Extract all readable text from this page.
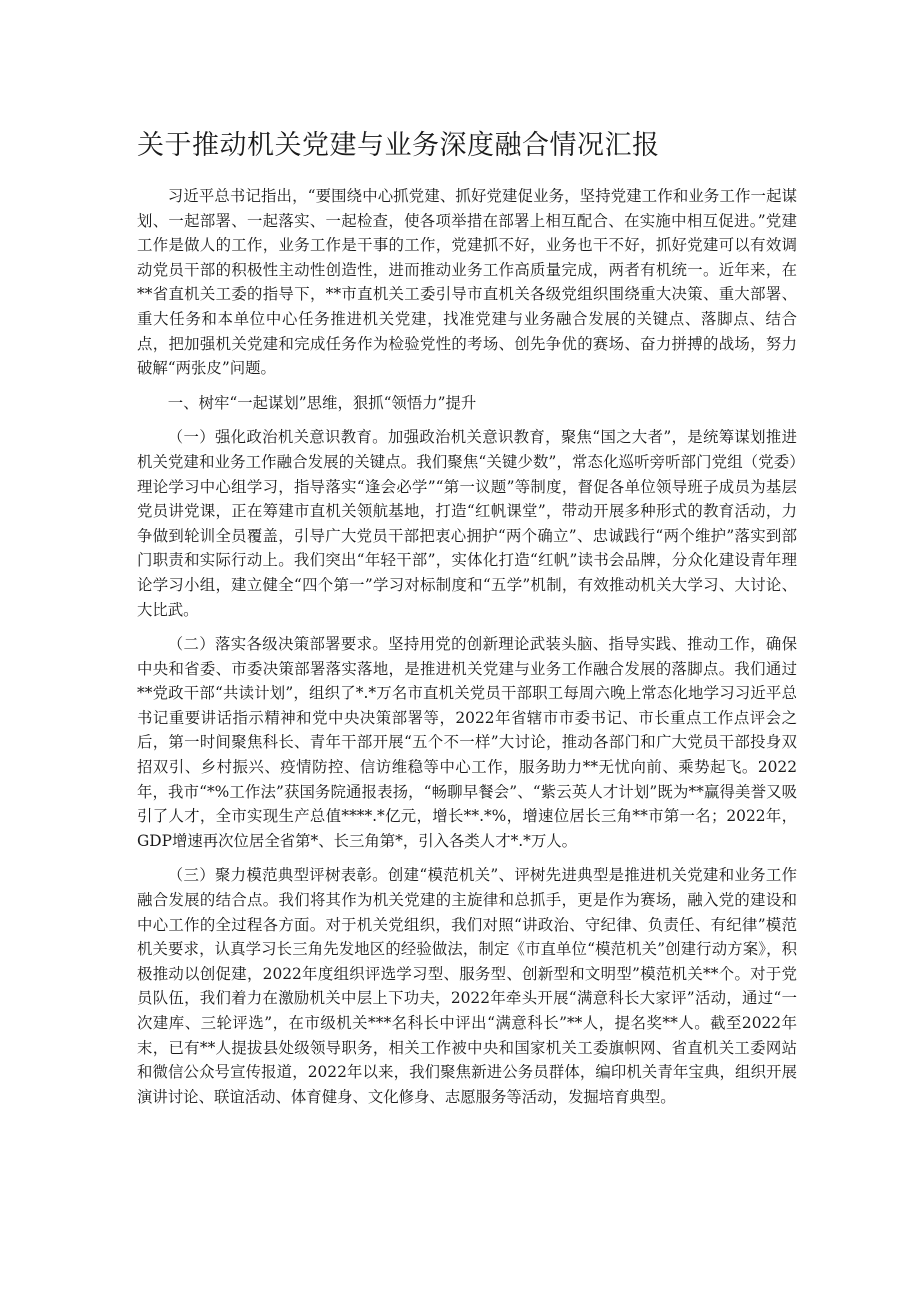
关于推动机关党建与业务深度融合情况汇报

习近平总书记指出，“要围绕中心抓党建、抓好党建促业务，坚持党建工作和业务工作一起谋划、一起部署、一起落实、一起检查，使各项举措在部署上相互配合、在实施中相互促进。”党建工作是做人的工作，业务工作是干事的工作，党建抓不好，业务也干不好，抓好党建可以有效调动党员干部的积极性主动性创造性，进而推动业务工作高质量完成，两者有机统一。近年来，在**省直机关工委的指导下，**市直机关工委引导市直机关各级党组织围绕重大决策、重大部署、重大任务和本单位中心任务推进机关党建，找准党建与业务融合发展的关键点、落脚点、结合点，把加强机关党建和完成任务作为检验党性的考场、创先争优的赛场、奋力拼搏的战场，努力破解“两张皮”问题。

一、树牢“一起谋划”思维，狠抓“领悟力”提升

（一）强化政治机关意识教育。加强政治机关意识教育，聚焦“国之大者”，是统筹谋划推进机关党建和业务工作融合发展的关键点。我们聚焦“关键少数”，常态化巡听旁听部门党组（党委）理论学习中心组学习，指导落实“逢会必学”“第一议题”等制度，督促各单位领导班子成员为基层党员讲党课，正在筹建市直机关领航基地，打造“红帆课堂”，带动开展多种形式的教育活动，力争做到轮训全员覆盖，引导广大党员干部把衷心拥护“两个确立”、忠诚践行“两个维护”落实到部门职责和实际行动上。我们突出“年轻干部”，实体化打造“红帆”读书会品牌，分众化建设青年理论学习小组，建立健全“四个第一”学习对标制度和“五学”机制，有效推动机关大学习、大讨论、大比武。

（二）落实各级决策部署要求。坚持用党的创新理论武装头脑、指导实践、推动工作，确保中央和省委、市委决策部署落实落地，是推进机关党建与业务工作融合发展的落脚点。我们通过**党政干部“共读计划”，组织了*.*万名市直机关党员干部职工每周六晚上常态化地学习习近平总书记重要讲话指示精神和党中央决策部署等，2022年省辖市市委书记、市长重点工作点评会之后，第一时间聚焦科长、青年干部开展“五个不一样”大讨论，推动各部门和广大党员干部投身双招双引、乡村振兴、疫情防控、信访维稳等中心工作，服务助力**无忧向前、乘势起飞。2022年，我市“*%工作法”获国务院通报表扬，“畅聊早餐会”、“紫云英人才计划”既为**赢得美誉又吸引了人才，全市实现生产总值****.*亿元，增长**.*%，增速位居长三角**市第一名；2022年，GDP增速再次位居全省第*、长三角第*，引入各类人才*.*万人。

（三）聚力模范典型评树表彰。创建“模范机关”、评树先进典型是推进机关党建和业务工作融合发展的结合点。我们将其作为机关党建的主旋律和总抓手，更是作为赛场，融入党的建设和中心工作的全过程各方面。对于机关党组织，我们对照“讲政治、守纪律、负责任、有纪律”模范机关要求，认真学习长三角先发地区的经验做法，制定《市直单位“模范机关”创建行动方案》，积极推动以创促建，2022年度组织评选学习型、服务型、创新型和文明型”模范机关**个。对于党员队伍，我们着力在激励机关中层上下功夫，2022年牵头开展“满意科长大家评”活动，通过“一次建库、三轮评选”，在市级机关***名科长中评出“满意科长”**人，提名奖**人。截至2022年末，已有**人提拔县处级领导职务，相关工作被中央和国家机关工委旗帜网、省直机关工委网站和微信公众号宣传报道，2022年以来，我们聚焦新进公务员群体，编印机关青年宝典，组织开展演讲讨论、联谊活动、体育健身、文化修身、志愿服务等活动，发掘培育典型。
